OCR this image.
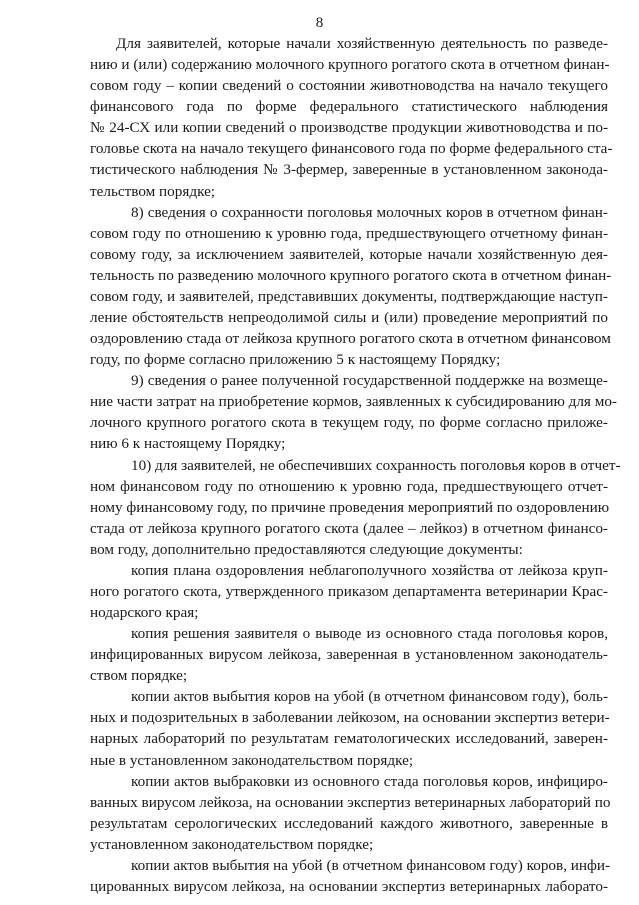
8
Для заявителей, которые начали хозяйственную деятельность по разведе-
нию и (или) содержанию молочного крупного рогатого скота в отчетном финан-
совом году – копии сведений о состоянии животноводства на начало текущего
финансового года по форме федерального статистического наблюдения
№ 24-СХ или копии сведений о производстве продукции животноводства и по-
головье скота на начало текущего финансового года по форме федерального ста-
тистического наблюдения № 3-фермер, заверенные в установленном законода-
тельством порядке;
8) сведения о сохранности поголовья молочных коров в отчетном финан-
совом году по отношению к уровню года, предшествующего отчетному финан-
совому году, за исключением заявителей, которые начали хозяйственную дея-
тельность по разведению молочного крупного рогатого скота в отчетном финан-
совом году, и заявителей, представивших документы, подтверждающие наступ-
ление обстоятельств непреодолимой силы и (или) проведение мероприятий по
оздоровлению стада от лейкоза крупного рогатого скота в отчетном финансовом
году, по форме согласно приложению 5 к настоящему Порядку;
9) сведения о ранее полученной государственной поддержке на возмеще-
ние части затрат на приобретение кормов, заявленных к субсидированию для мо-
лочного крупного рогатого скота в текущем году, по форме согласно приложе-
нию 6 к настоящему Порядку;
10) для заявителей, не обеспечивших сохранность поголовья коров в отчет-
ном финансовом году по отношению к уровню года, предшествующего отчет-
ному финансовому году, по причине проведения мероприятий по оздоровлению
стада от лейкоза крупного рогатого скота (далее – лейкоз) в отчетном финансо-
вом году, дополнительно предоставляются следующие документы:
копия плана оздоровления неблагополучного хозяйства от лейкоза круп-
ного рогатого скота, утвержденного приказом департамента ветеринарии Крас-
нодарского края;
копия решения заявителя о выводе из основного стада поголовья коров,
инфицированных вирусом лейкоза, заверенная в установленном законодатель-
ством порядке;
копии актов выбытия коров на убой (в отчетном финансовом году), боль-
ных и подозрительных в заболевании лейкозом, на основании экспертиз ветери-
нарных лабораторий по результатам гематологических исследований, заверен-
ные в установленном законодательством порядке;
копии актов выбраковки из основного стада поголовья коров, инфициро-
ванных вирусом лейкоза, на основании экспертиз ветеринарных лабораторий по
результатам серологических исследований каждого животного, заверенные в
установленном законодательством порядке;
копии актов выбытия на убой (в отчетном финансовом году) коров, инфи-
цированных вирусом лейкоза, на основании экспертиз ветеринарных лаборато-
